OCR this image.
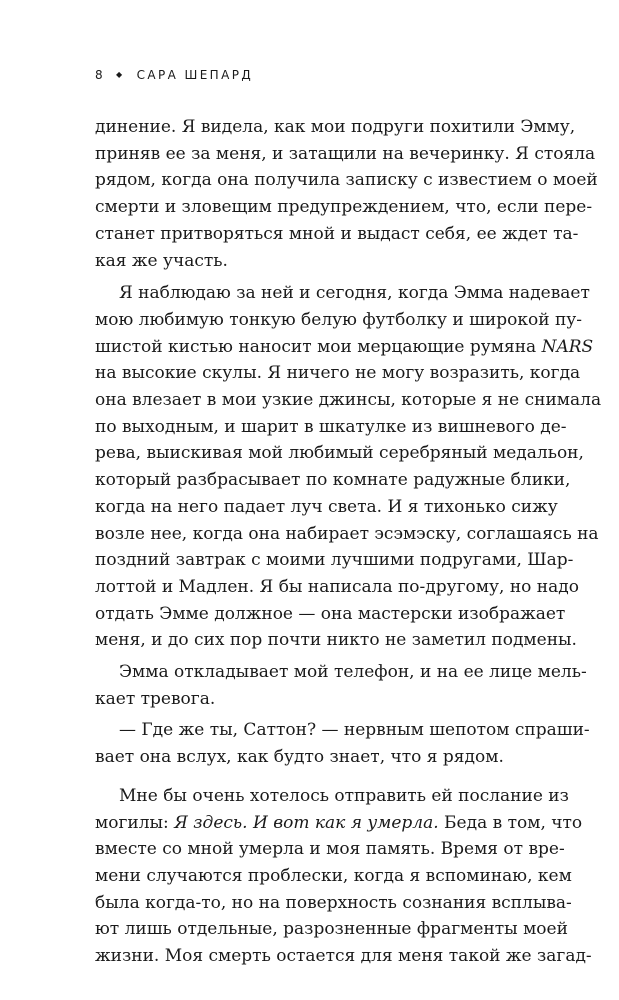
8 ◆ САРА ШЕПАРД
динение. Я видела, как мои подруги похитили Эмму,
приняв ее за меня, и затащили на вечеринку. Я стояла
рядом, когда она получила записку с известием о моей
смерти и зловещим предупреждением, что, если пере-
станет притворяться мной и выдаст себя, ее ждет та-
кая же участь.
Я наблюдаю за ней и сегодня, когда Эмма надевает
мою любимую тонкую белую футболку и широкой пу-
шистой кистью наносит мои мерцающие румяна NARS
на высокие скулы. Я ничего не могу возразить, когда
она влезает в мои узкие джинсы, которые я не снимала
по выходным, и шарит в шкатулке из вишневого де-
рева, выискивая мой любимый серебряный медальон,
который разбрасывает по комнате радужные блики,
когда на него падает луч света. И я тихонько сижу
возле нее, когда она набирает эсэмэску, соглашаясь на
поздний завтрак с моими лучшими подругами, Шар-
лоттой и Мадлен. Я бы написала по-другому, но надо
отдать Эмме должное — она мастерски изображает
меня, и до сих пор почти никто не заметил подмены.
Эмма откладывает мой телефон, и на ее лице мель-
кает тревога.
— Где же ты, Саттон? — нервным шепотом спраши-
вает она вслух, как будто знает, что я рядом.
Мне бы очень хотелось отправить ей послание из
могилы: Я здесь. И вот как я умерла. Беда в том, что
вместе со мной умерла и моя память. Время от вре-
мени случаются проблески, когда я вспоминаю, кем
была когда-то, но на поверхность сознания всплыва-
ют лишь отдельные, разрозненные фрагменты моей
жизни. Моя смерть остается для меня такой же загад-
